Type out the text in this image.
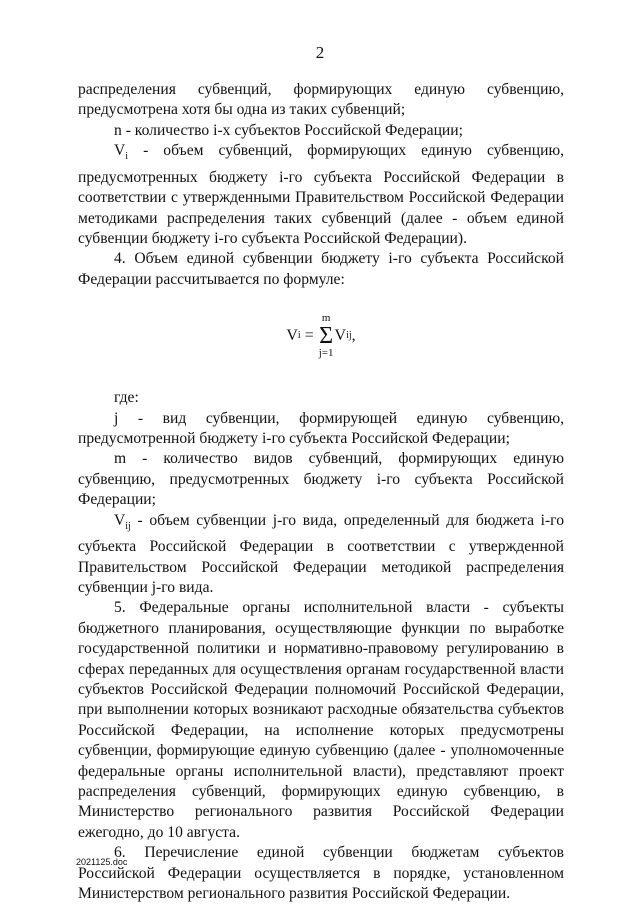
2

распределения субвенций, формирующих единую субвенцию,

предусмотрена хотя бы одна из таких субвенций;

n - количество i-х субъектов Российской Федерации;

$V_i$ - объем субвенций, формирующих единую субвенцию, предусмотренных бюджету i-го субъекта Российской Федерации в соответствии с утвержденными Правительством Российской Федерации методиками распределения таких субвенций (далее - объем единой субвенции бюджету i-го субъекта Российской Федерации).

4. Объем единой субвенции бюджету i-го субъекта Российской Федерации рассчитывается по формуле:

V i =
m
Σ
j=1
V ij ,

где:

j - вид субвенции, формирующей единую субвенцию, предусмотренной бюджету i-го субъекта Российской Федерации;

m - количество видов субвенций, формирующих единую субвенцию, предусмотренных бюджету i-го субъекта Российской Федерации;

$V_{ij}$ - объем субвенции j-го вида, определенный для бюджета i-го субъекта Российской Федерации в соответствии с утвержденной Правительством Российской Федерации методикой распределения субвенции j-го вида.

5. Федеральные органы исполнительной власти - субъекты бюджетного планирования, осуществляющие функции по выработке государственной политики и нормативно-правовому регулированию в сферах переданных для осуществления органам государственной власти субъектов Российской Федерации полномочий Российской Федерации, при выполнении которых возникают расходные обязательства субъектов Российской Федерации, на исполнение которых предусмотрены субвенции, формирующие единую субвенцию (далее - уполномоченные федеральные органы исполнительной власти), представляют проект распределения субвенций, формирующих единую субвенцию, в Министерство регионального развития Российской Федерации ежегодно, до 10 августа.

6. Перечисление единой субвенции бюджетам субъектов Российской Федерации осуществляется в порядке, установленном Министерством регионального развития Российской Федерации.

2021125.doc
